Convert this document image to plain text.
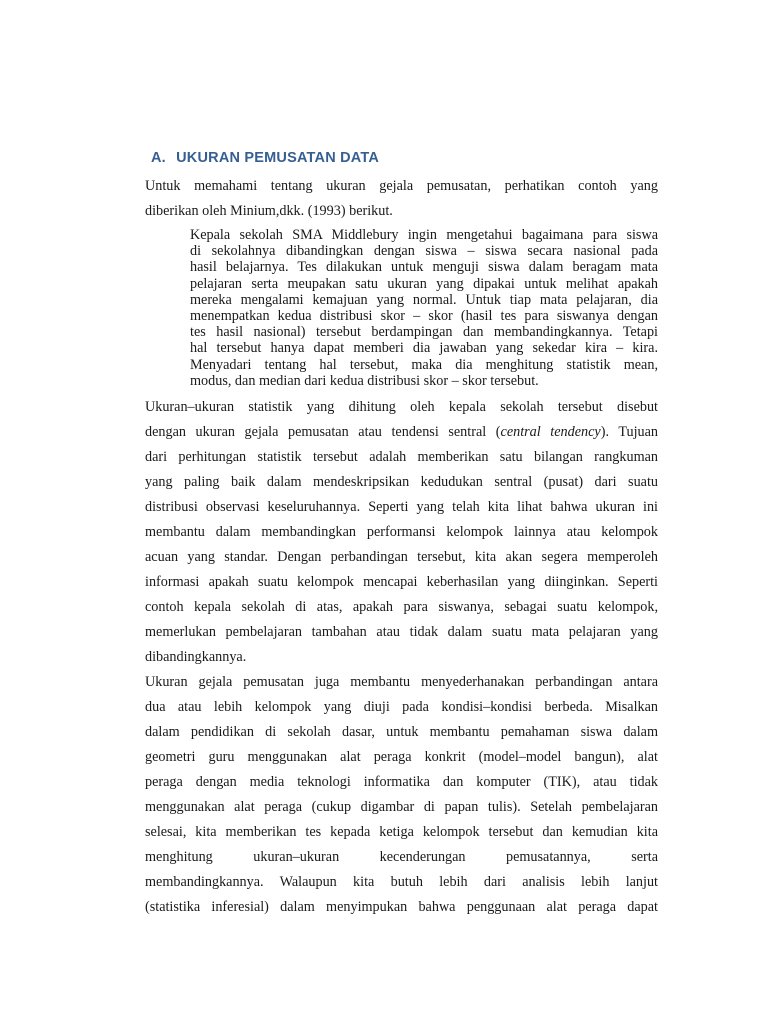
A. UKURAN PEMUSATAN DATA
Untuk memahami tentang ukuran gejala pemusatan, perhatikan contoh yang
diberikan oleh Minium,dkk. (1993) berikut.
Kepala sekolah SMA Middlebury ingin mengetahui bagaimana para siswa
di sekolahnya dibandingkan dengan siswa – siswa secara nasional pada
hasil belajarnya. Tes dilakukan untuk menguji siswa dalam beragam mata
pelajaran serta meupakan satu ukuran yang dipakai untuk melihat apakah
mereka mengalami kemajuan yang normal. Untuk tiap mata pelajaran, dia
menempatkan kedua distribusi skor – skor (hasil tes para siswanya dengan
tes hasil nasional) tersebut berdampingan dan membandingkannya. Tetapi
hal tersebut hanya dapat memberi dia jawaban yang sekedar kira – kira.
Menyadari tentang hal tersebut, maka dia menghitung statistik mean,
modus, dan median dari kedua distribusi skor – skor tersebut.
Ukuran–ukuran statistik yang dihitung oleh kepala sekolah tersebut disebut
dengan ukuran gejala pemusatan atau tendensi sentral (central tendency). Tujuan
dari perhitungan statistik tersebut adalah memberikan satu bilangan rangkuman
yang paling baik dalam mendeskripsikan kedudukan sentral (pusat) dari suatu
distribusi observasi keseluruhannya. Seperti yang telah kita lihat bahwa ukuran ini
membantu dalam membandingkan performansi kelompok lainnya atau kelompok
acuan yang standar. Dengan perbandingan tersebut, kita akan segera memperoleh
informasi apakah suatu kelompok mencapai keberhasilan yang diinginkan. Seperti
contoh kepala sekolah di atas, apakah para siswanya, sebagai suatu kelompok,
memerlukan pembelajaran tambahan atau tidak dalam suatu mata pelajaran yang
dibandingkannya.
Ukuran gejala pemusatan juga membantu menyederhanakan perbandingan antara
dua atau lebih kelompok yang diuji pada kondisi–kondisi berbeda. Misalkan
dalam pendidikan di sekolah dasar, untuk membantu pemahaman siswa dalam
geometri guru menggunakan alat peraga konkrit (model–model bangun), alat
peraga dengan media teknologi informatika dan komputer (TIK), atau tidak
menggunakan alat peraga (cukup digambar di papan tulis). Setelah pembelajaran
selesai, kita memberikan tes kepada ketiga kelompok tersebut dan kemudian kita
menghitung ukuran–ukuran kecenderungan pemusatannya, serta
membandingkannya. Walaupun kita butuh lebih dari analisis lebih lanjut
(statistika inferesial) dalam menyimpukan bahwa penggunaan alat peraga dapat
